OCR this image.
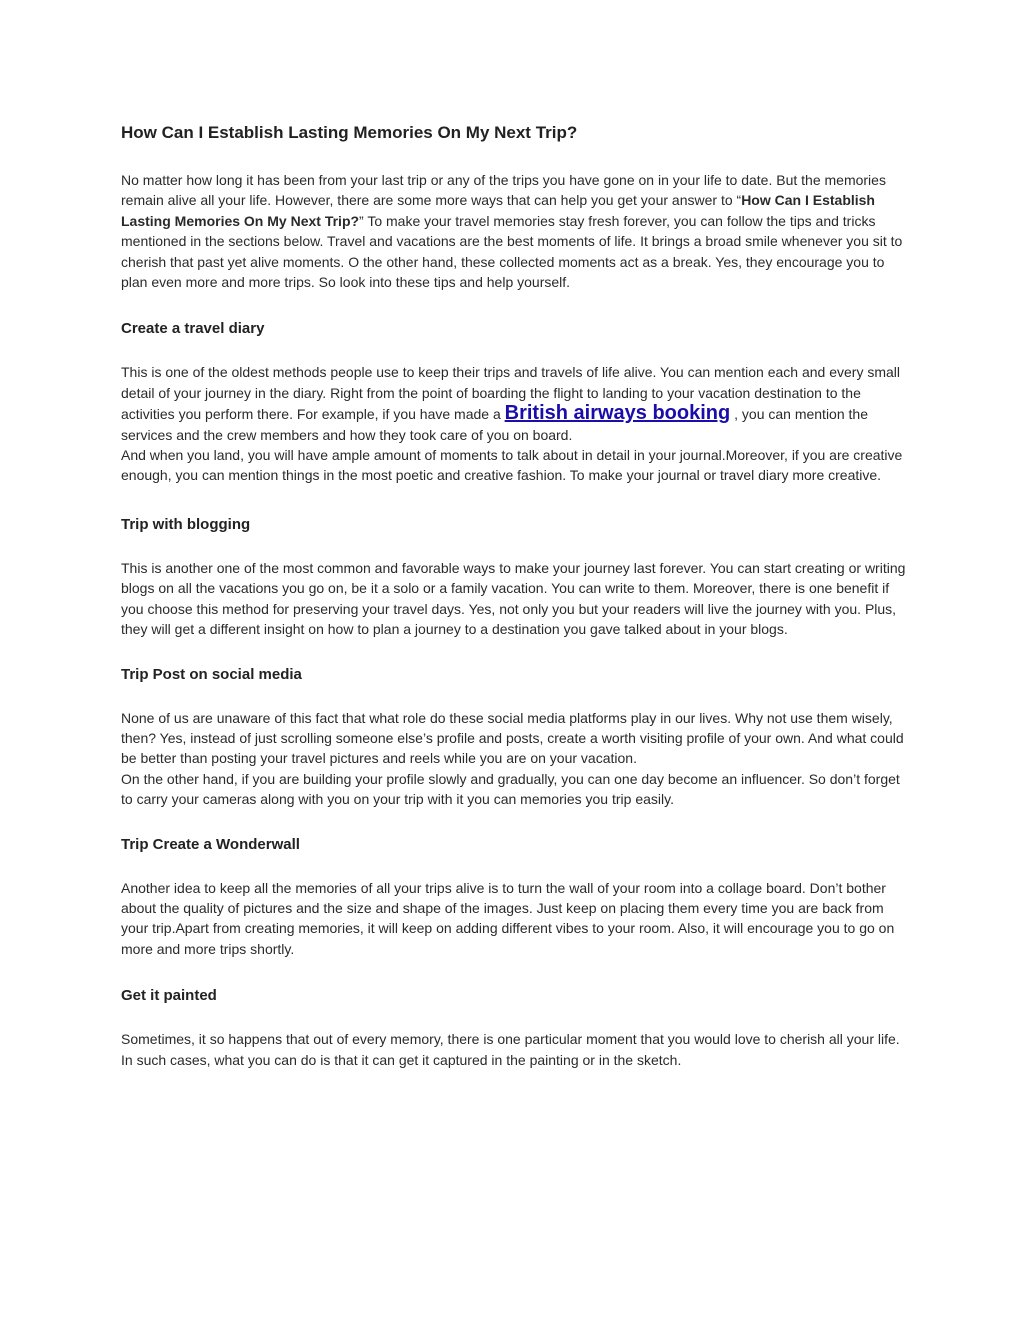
How Can I Establish Lasting Memories On My Next Trip?

No matter how long it has been from your last trip or any of the trips you have gone on in your life to date. But the memories remain alive all your life. However, there are some more ways that can help you get your answer to “How Can I Establish Lasting Memories On My Next Trip?” To make your travel memories stay fresh forever, you can follow the tips and tricks mentioned in the sections below. Travel and vacations are the best moments of life. It brings a broad smile whenever you sit to cherish that past yet alive moments. O the other hand, these collected moments act as a break. Yes, they encourage you to plan even more and more trips. So look into these tips and help yourself.

Create a travel diary

This is one of the oldest methods people use to keep their trips and travels of life alive. You can mention each and every small detail of your journey in the diary. Right from the point of boarding the flight to landing to your vacation destination to the activities you perform there. For example, if you have made a British airways booking , you can mention the services and the crew members and how they took care of you on board.

And when you land, you will have ample amount of moments to talk about in detail in your journal.Moreover, if you are creative enough, you can mention things in the most poetic and creative fashion. To make your journal or travel diary more creative.

Trip with blogging

This is another one of the most common and favorable ways to make your journey last forever. You can start creating or writing blogs on all the vacations you go on, be it a solo or a family vacation. You can write to them. Moreover, there is one benefit if you choose this method for preserving your travel days. Yes, not only you but your readers will live the journey with you. Plus, they will get a different insight on how to plan a journey to a destination you gave talked about in your blogs.

Trip Post on social media

None of us are unaware of this fact that what role do these social media platforms play in our lives. Why not use them wisely, then? Yes, instead of just scrolling someone else’s profile and posts, create a worth visiting profile of your own. And what could be better than posting your travel pictures and reels while you are on your vacation.

On the other hand, if you are building your profile slowly and gradually, you can one day become an influencer. So don’t forget to carry your cameras along with you on your trip with it you can memories you trip easily.

Trip Create a Wonderwall

Another idea to keep all the memories of all your trips alive is to turn the wall of your room into a collage board. Don’t bother about the quality of pictures and the size and shape of the images. Just keep on placing them every time you are back from your trip.Apart from creating memories, it will keep on adding different vibes to your room. Also, it will encourage you to go on more and more trips shortly.

Get it painted

Sometimes, it so happens that out of every memory, there is one particular moment that you would love to cherish all your life. In such cases, what you can do is that it can get it captured in the painting or in the sketch.
